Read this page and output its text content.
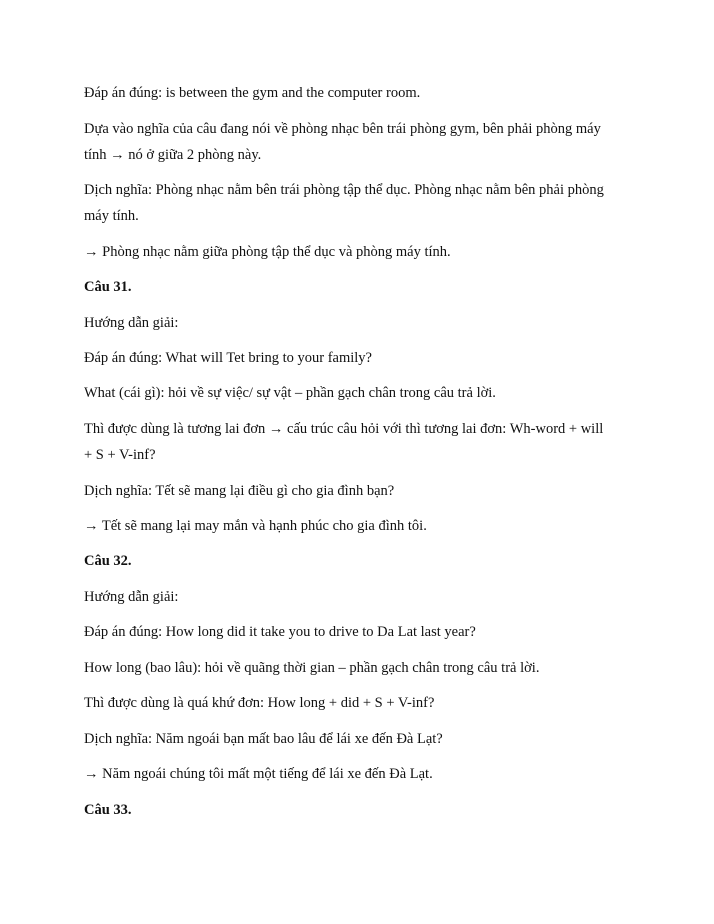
Đáp án đúng: is between the gym and the computer room.
Dựa vào nghĩa của câu đang nói về phòng nhạc bên trái phòng gym, bên phải phòng máy
tính → nó ở giữa 2 phòng này.
Dịch nghĩa: Phòng nhạc nằm bên trái phòng tập thể dục. Phòng nhạc nằm bên phải phòng
máy tính.
→ Phòng nhạc nằm giữa phòng tập thể dục và phòng máy tính.
Câu 31.
Hướng dẫn giải:
Đáp án đúng: What will Tet bring to your family?
What (cái gì): hỏi về sự việc/ sự vật – phần gạch chân trong câu trả lời.
Thì được dùng là tương lai đơn → cấu trúc câu hỏi với thì tương lai đơn: Wh-word + will
+ S + V-inf?
Dịch nghĩa: Tết sẽ mang lại điều gì cho gia đình bạn?
→ Tết sẽ mang lại may mắn và hạnh phúc cho gia đình tôi.
Câu 32.
Hướng dẫn giải:
Đáp án đúng: How long did it take you to drive to Da Lat last year?
How long (bao lâu): hỏi về quãng thời gian – phần gạch chân trong câu trả lời.
Thì được dùng là quá khứ đơn: How long + did + S + V-inf?
Dịch nghĩa: Năm ngoái bạn mất bao lâu để lái xe đến Đà Lạt?
→ Năm ngoái chúng tôi mất một tiếng để lái xe đến Đà Lạt.
Câu 33.
